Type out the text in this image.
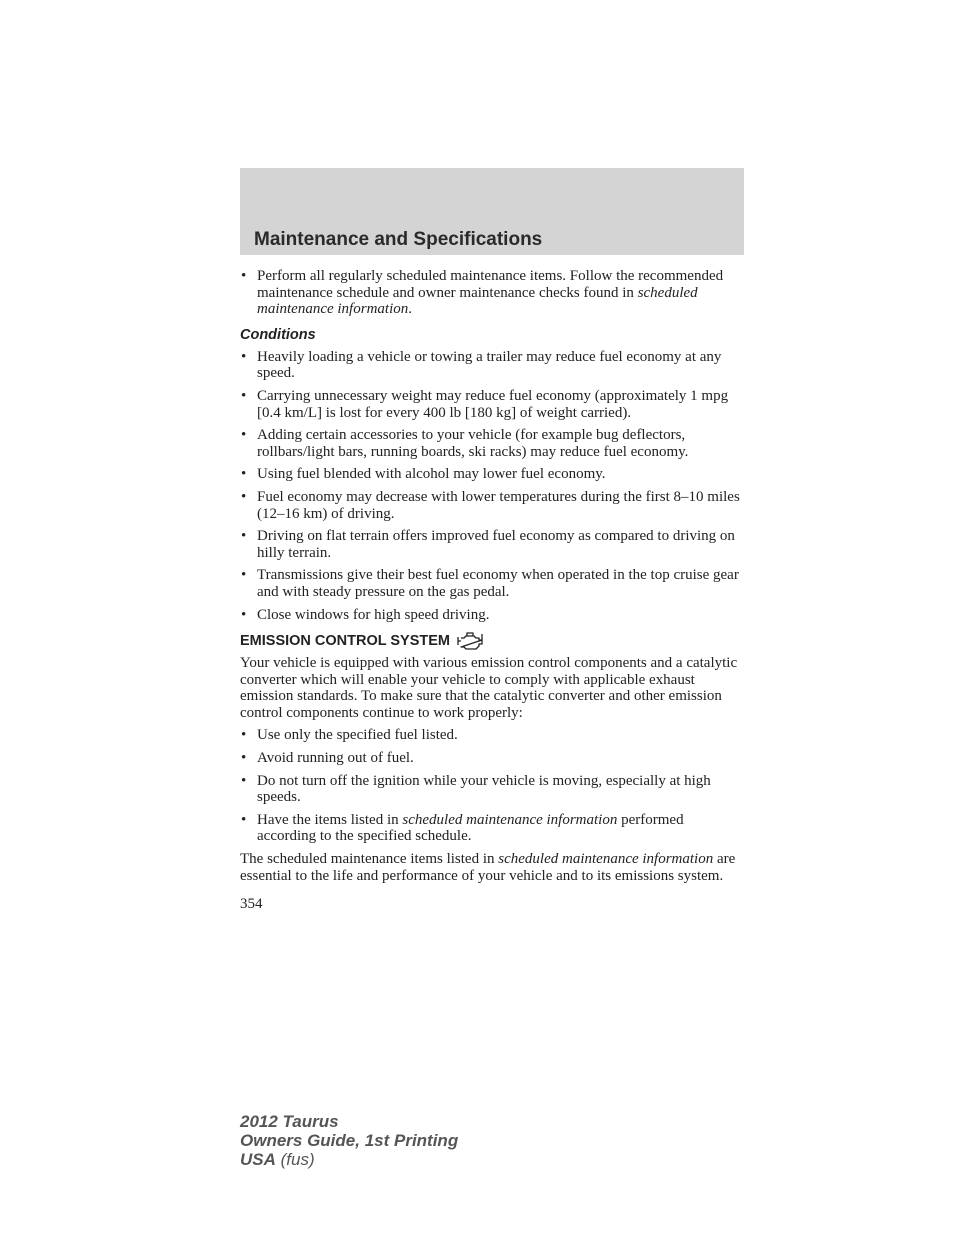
Maintenance and Specifications
• Perform all regularly scheduled maintenance items. Follow the recommended maintenance schedule and owner maintenance checks found in scheduled maintenance information.
Conditions
• Heavily loading a vehicle or towing a trailer may reduce fuel economy at any speed.
• Carrying unnecessary weight may reduce fuel economy (approximately 1 mpg [0.4 km/L] is lost for every 400 lb [180 kg] of weight carried).
• Adding certain accessories to your vehicle (for example bug deflectors, rollbars/light bars, running boards, ski racks) may reduce fuel economy.
• Using fuel blended with alcohol may lower fuel economy.
• Fuel economy may decrease with lower temperatures during the first 8–10 miles (12–16 km) of driving.
• Driving on flat terrain offers improved fuel economy as compared to driving on hilly terrain.
• Transmissions give their best fuel economy when operated in the top cruise gear and with steady pressure on the gas pedal.
• Close windows for high speed driving.
EMISSION CONTROL SYSTEM

Your vehicle is equipped with various emission control components and a catalytic converter which will enable your vehicle to comply with applicable exhaust emission standards. To make sure that the catalytic converter and other emission control components continue to work properly:

• Use only the specified fuel listed.
• Avoid running out of fuel.
• Do not turn off the ignition while your vehicle is moving, especially at high speeds.
• Have the items listed in scheduled maintenance information performed according to the specified schedule.

The scheduled maintenance items listed in scheduled maintenance information are essential to the life and performance of your vehicle and to its emissions system.

354
2012 Taurus
Owners Guide, 1st Printing
USA (fus)
